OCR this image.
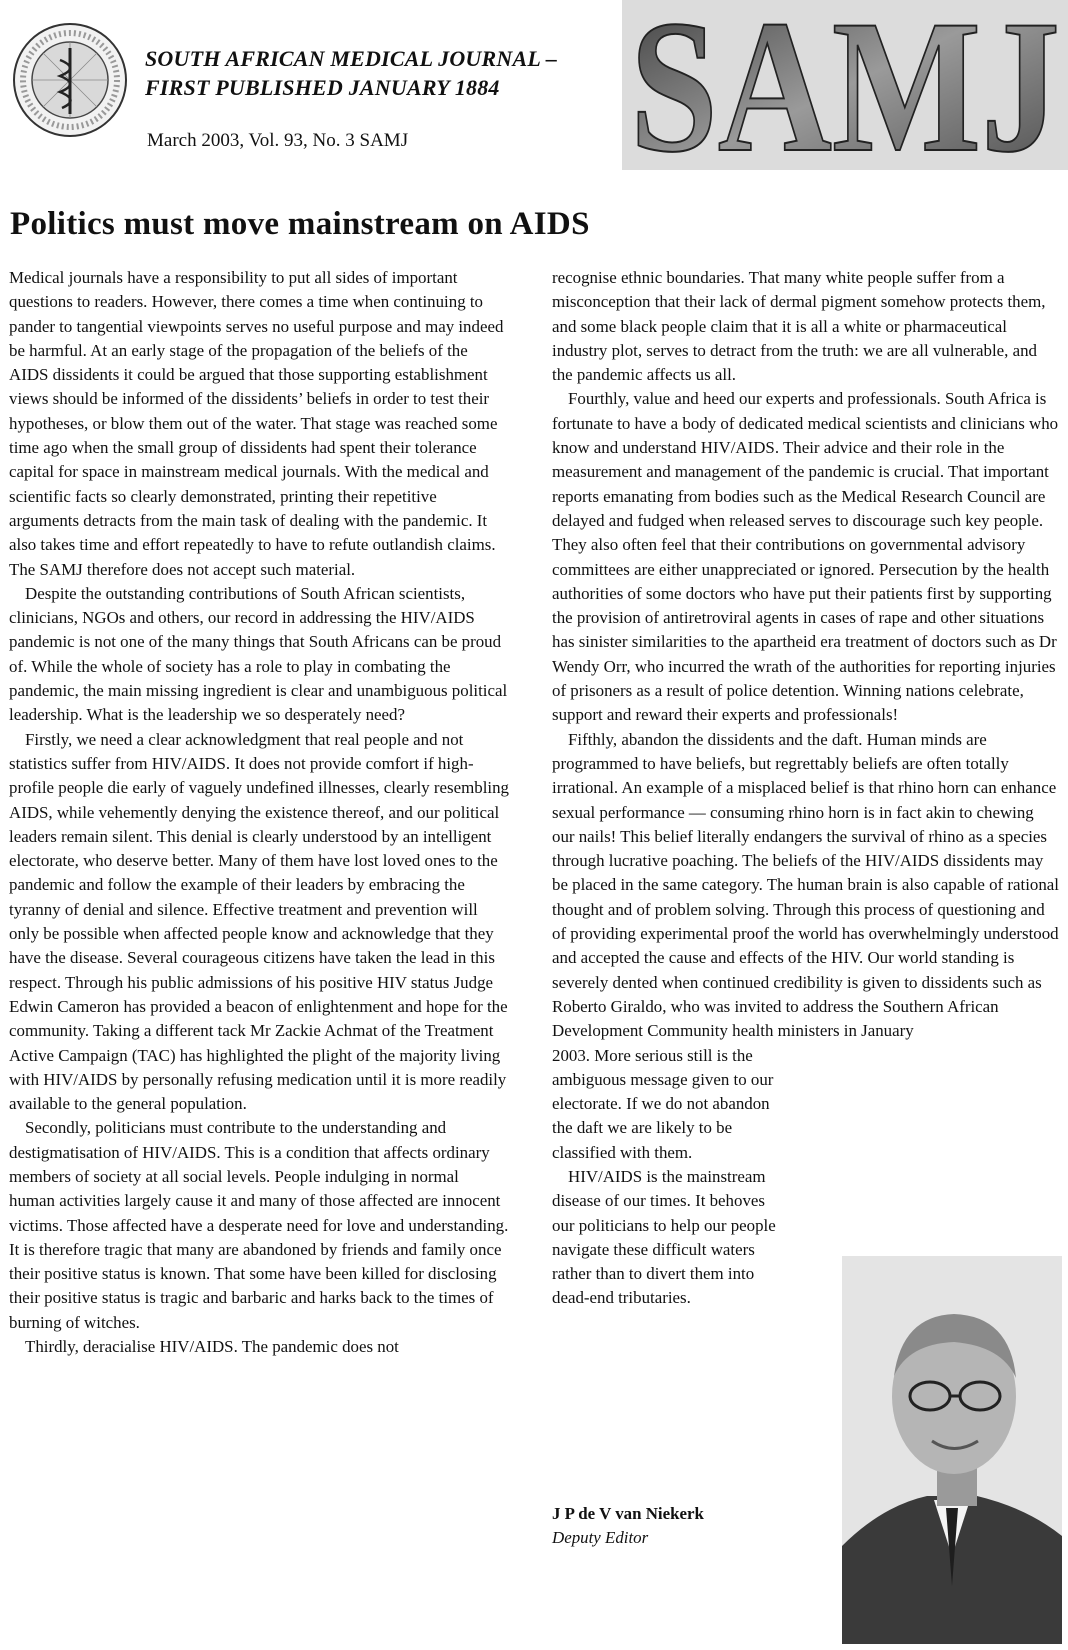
SOUTH AFRICAN MEDICAL JOURNAL –
FIRST PUBLISHED JANUARY 1884
March 2003, Vol. 93, No. 3 SAMJ SAMJ
Politics must move mainstream on AIDS

Medical journals have a responsibility to put all sides of important questions to readers. However, there comes a time when continuing to pander to tangential viewpoints serves no useful purpose and may indeed be harmful. At an early stage of the propagation of the beliefs of the AIDS dissidents it could be argued that those supporting establishment views should be informed of the dissidents’ beliefs in order to test their hypotheses, or blow them out of the water. That stage was reached some time ago when the small group of dissidents had spent their tolerance capital for space in mainstream medical journals. With the medical and scientific facts so clearly demonstrated, printing their repetitive arguments detracts from the main task of dealing with the pandemic. It also takes time and effort repeatedly to have to refute outlandish claims. The SAMJ therefore does not accept such material.

Despite the outstanding contributions of South African scientists, clinicians, NGOs and others, our record in addressing the HIV/AIDS pandemic is not one of the many things that South Africans can be proud of. While the whole of society has a role to play in combating the pandemic, the main missing ingredient is clear and unambiguous political leadership. What is the leadership we so desperately need?

Firstly, we need a clear acknowledgment that real people and not statistics suffer from HIV/AIDS. It does not provide comfort if high-profile people die early of vaguely undefined illnesses, clearly resembling AIDS, while vehemently denying the existence thereof, and our political leaders remain silent. This denial is clearly understood by an intelligent electorate, who deserve better. Many of them have lost loved ones to the pandemic and follow the example of their leaders by embracing the tyranny of denial and silence. Effective treatment and prevention will only be possible when affected people know and acknowledge that they have the disease. Several courageous citizens have taken the lead in this respect. Through his public admissions of his positive HIV status Judge Edwin Cameron has provided a beacon of enlightenment and hope for the community. Taking a different tack Mr Zackie Achmat of the Treatment Active Campaign (TAC) has highlighted the plight of the majority living with HIV/AIDS by personally refusing medication until it is more readily available to the general population.

Secondly, politicians must contribute to the understanding and destigmatisation of HIV/AIDS. This is a condition that affects ordinary members of society at all social levels. People indulging in normal human activities largely cause it and many of those affected are innocent victims. Those affected have a desperate need for love and understanding. It is therefore tragic that many are abandoned by friends and family once their positive status is known. That some have been killed for disclosing their positive status is tragic and barbaric and harks back to the times of burning of witches.

Thirdly, deracialise HIV/AIDS. The pandemic does not

recognise ethnic boundaries. That many white people suffer from a misconception that their lack of dermal pigment somehow protects them, and some black people claim that it is all a white or pharmaceutical industry plot, serves to detract from the truth: we are all vulnerable, and the pandemic affects us all.

Fourthly, value and heed our experts and professionals. South Africa is fortunate to have a body of dedicated medical scientists and clinicians who know and understand HIV/AIDS. Their advice and their role in the measurement and management of the pandemic is crucial. That important reports emanating from bodies such as the Medical Research Council are delayed and fudged when released serves to discourage such key people. They also often feel that their contributions on governmental advisory committees are either unappreciated or ignored. Persecution by the health authorities of some doctors who have put their patients first by supporting the provision of antiretroviral agents in cases of rape and other situations has sinister similarities to the apartheid era treatment of doctors such as Dr Wendy Orr, who incurred the wrath of the authorities for reporting injuries of prisoners as a result of police detention. Winning nations celebrate, support and reward their experts and professionals!

Fifthly, abandon the dissidents and the daft. Human minds are programmed to have beliefs, but regrettably beliefs are often totally irrational. An example of a misplaced belief is that rhino horn can enhance sexual performance — consuming rhino horn is in fact akin to chewing our nails! This belief literally endangers the survival of rhino as a species through lucrative poaching. The beliefs of the HIV/AIDS dissidents may be placed in the same category. The human brain is also capable of rational thought and of problem solving. Through this process of questioning and of providing experimental proof the world has overwhelmingly understood and accepted the cause and effects of the HIV. Our world standing is severely dented when continued credibility is given to dissidents such as Roberto Giraldo, who was invited to address the Southern African Development Community health ministers in January

2003. More serious still is the
ambiguous message given to our
electorate. If we do not abandon
the daft we are likely to be
classified with them.
HIV/AIDS is the mainstream
disease of our times. It behoves
our politicians to help our people
navigate these difficult waters
rather than to divert them into
dead-end tributaries.
J P de V van Niekerk
Deputy Editor
